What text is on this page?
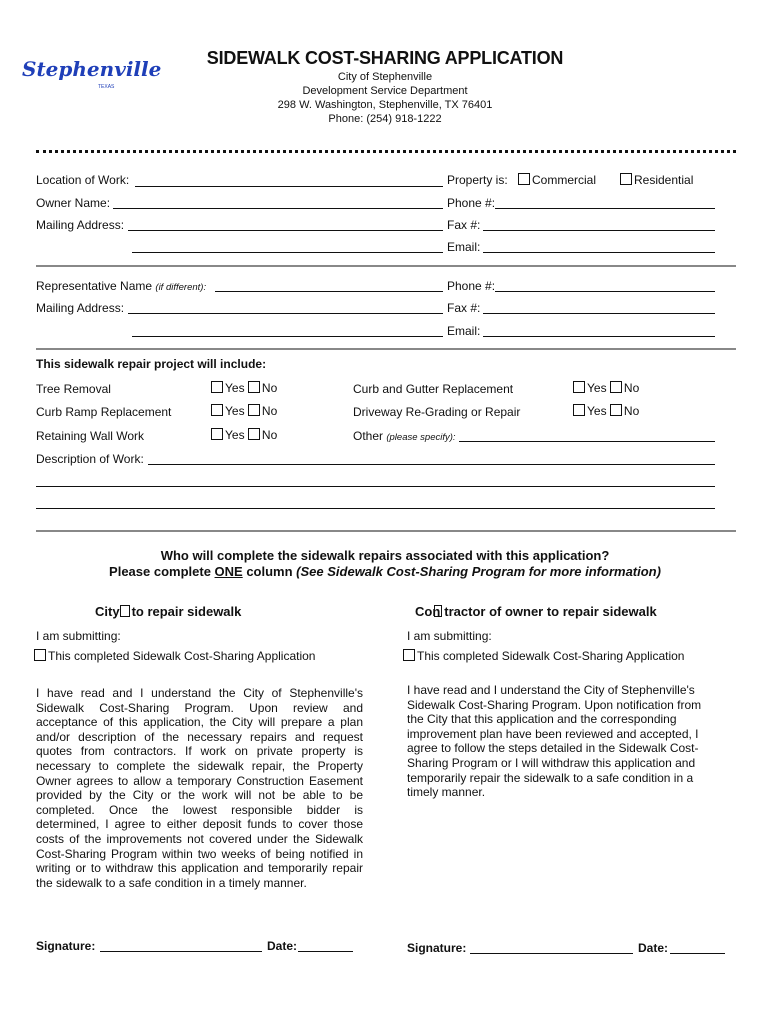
Stephenville
TEXAS
SIDEWALK COST-SHARING APPLICATION
City of Stephenville
Development Service Department
298 W. Washington, Stephenville, TX 76401
Phone: (254) 918-1222
Location of Work:	Property is:	Commercial	Residential
Owner Name:	Phone #:
Mailing Address:	Fax #:
Email:
Representative Name (if different):	Phone #:
Mailing Address:	Fax #:
Email:
This sidewalk repair project will include:
Tree Removal	Yes No	Curb and Gutter Replacement	Yes No
Curb Ramp Replacement	Yes No	Driveway Re-Grading or Repair	Yes No
Retaining Wall Work	Yes No	Other (please specify):
Description of Work:
Who will complete the sidewalk repairs associated with this application?
Please complete ONE column (See Sidewalk Cost-Sharing Program for more information)
City to repair sidewalk
I am submitting:
This completed Sidewalk Cost-Sharing Application
I have read and I understand the City of Stephenville's Sidewalk Cost-Sharing Program. Upon review and acceptance of this application, the City will prepare a plan and/or description of the necessary repairs and request quotes from contractors. If work on private property is necessary to complete the sidewalk repair, the Property Owner agrees to allow a temporary Construction Easement provided by the City or the work will not be able to be completed. Once the lowest responsible bidder is determined, I agree to either deposit funds to cover those costs of the improvements not covered under the Sidewalk Cost-Sharing Program within two weeks of being notified in writing or to withdraw this application and temporarily repair the sidewalk to a safe condition in a timely manner.
Signature:	Date:
Con tractor of owner to repair sidewalk
I am submitting:
This completed Sidewalk Cost-Sharing Application
I have read and I understand the City of Stephenville's Sidewalk Cost-Sharing Program. Upon notification from the City that this application and the corresponding improvement plan have been reviewed and accepted, I agree to follow the steps detailed in the Sidewalk Cost-Sharing Program or I will withdraw this application and temporarily repair the sidewalk to a safe condition in a timely manner.
Signature:	Date:
